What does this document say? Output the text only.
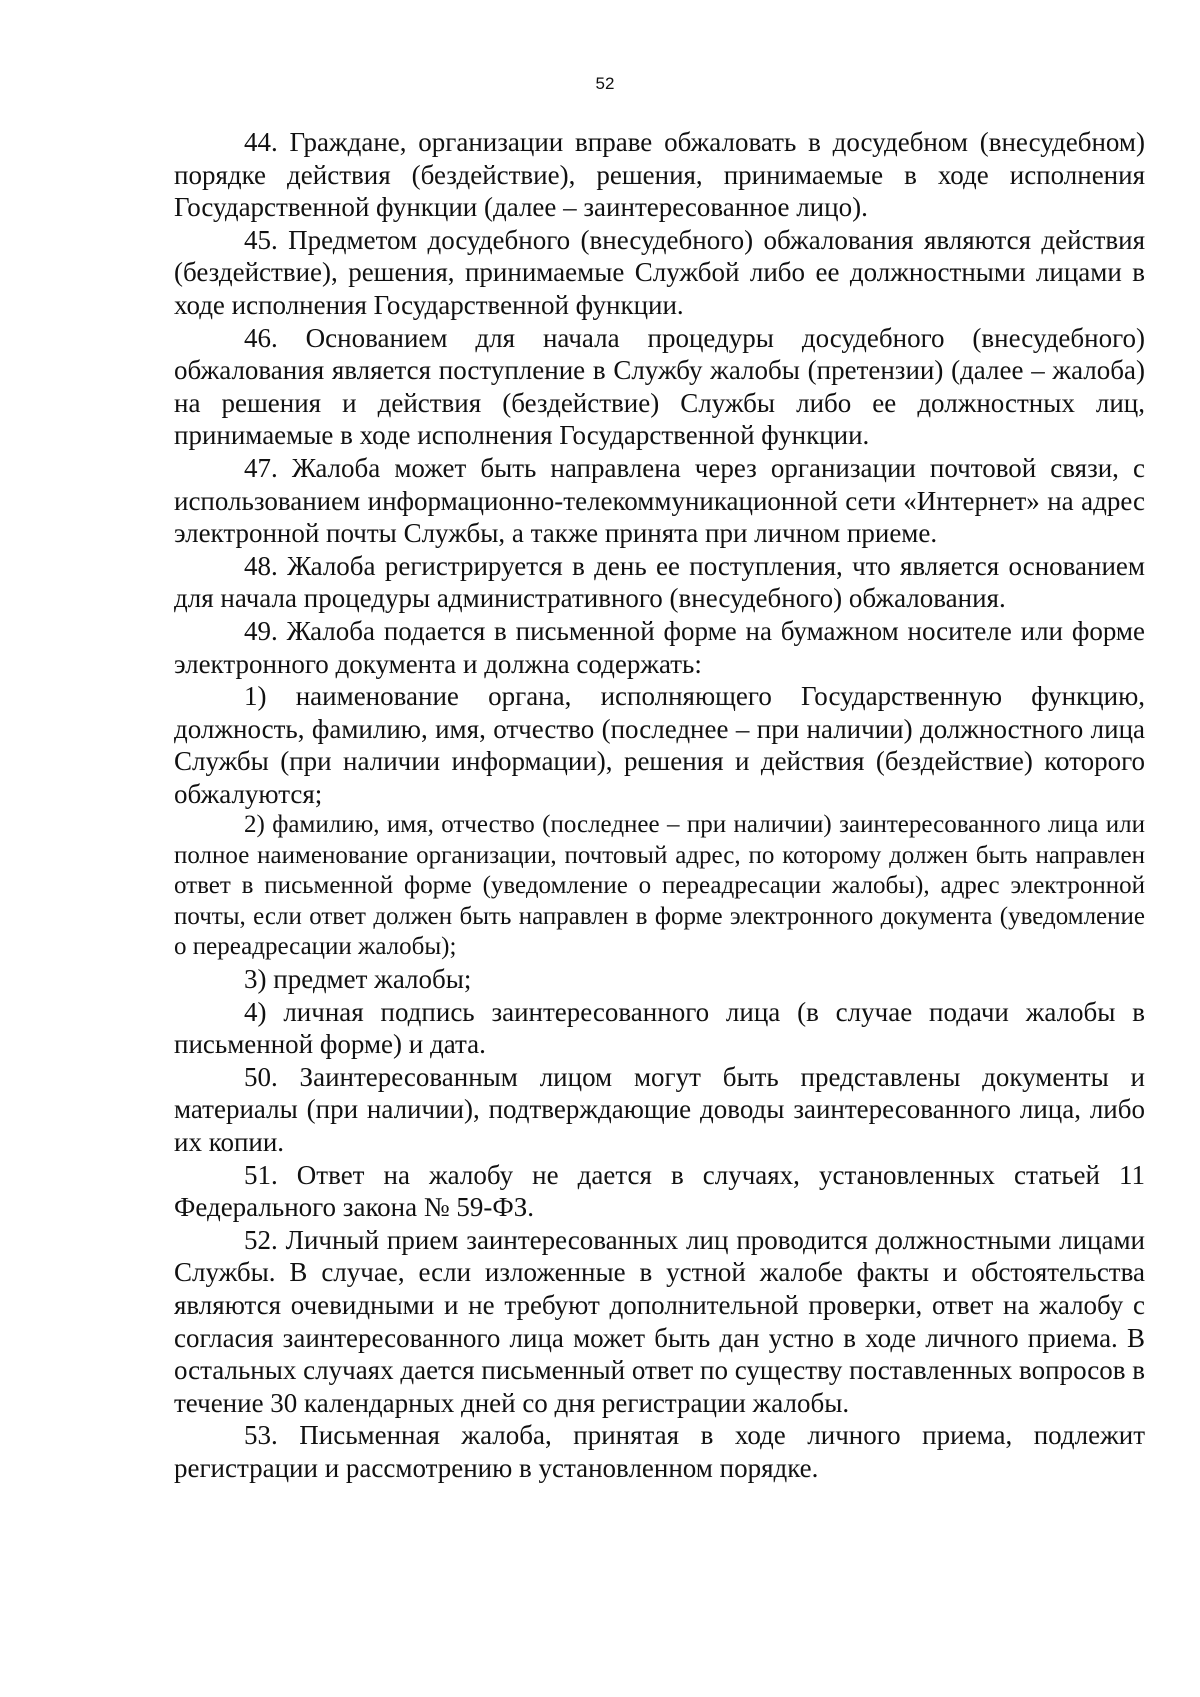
52

44. Граждане, организации вправе обжаловать в досудебном (внесудебном) порядке действия (бездействие), решения, принимаемые в ходе исполнения Государственной функции (далее – заинтересованное лицо).

45. Предметом досудебного (внесудебного) обжалования являются действия (бездействие), решения, принимаемые Службой либо ее должностными лицами в ходе исполнения Государственной функции.

46. Основанием для начала процедуры досудебного (внесудебного) обжалования является поступление в Службу жалобы (претензии) (далее – жалоба) на решения и действия (бездействие) Службы либо ее должностных лиц, принимаемые в ходе исполнения Государственной функции.

47. Жалоба может быть направлена через организации почтовой связи, с использованием информационно-телекоммуникационной сети «Интернет» на адрес электронной почты Службы, а также принята при личном приеме.

48. Жалоба регистрируется в день ее поступления, что является основанием для начала процедуры административного (внесудебного) обжалования.

49. Жалоба подается в письменной форме на бумажном носителе или форме электронного документа и должна содержать:

1) наименование органа, исполняющего Государственную функцию, должность, фамилию, имя, отчество (последнее – при наличии) должностного лица Службы (при наличии информации), решения и действия (бездействие) которого обжалуются;

2) фамилию, имя, отчество (последнее – при наличии) заинтересованного лица или полное наименование организации, почтовый адрес, по которому должен быть направлен ответ в письменной форме (уведомление о переадресации жалобы), адрес электронной почты, если ответ должен быть направлен в форме электронного документа (уведомление о переадресации жалобы);

3) предмет жалобы;

4) личная подпись заинтересованного лица (в случае подачи жалобы в письменной форме) и дата.

50. Заинтересованным лицом могут быть представлены документы и материалы (при наличии), подтверждающие доводы заинтересованного лица, либо их копии.

51. Ответ на жалобу не дается в случаях, установленных статьей 11 Федерального закона № 59-ФЗ.

52. Личный прием заинтересованных лиц проводится должностными лицами Службы. В случае, если изложенные в устной жалобе факты и обстоятельства являются очевидными и не требуют дополнительной проверки, ответ на жалобу с согласия заинтересованного лица может быть дан устно в ходе личного приема. В остальных случаях дается письменный ответ по существу поставленных вопросов в течение 30 календарных дней со дня регистрации жалобы.

53. Письменная жалоба, принятая в ходе личного приема, подлежит регистрации и рассмотрению в установленном порядке.
